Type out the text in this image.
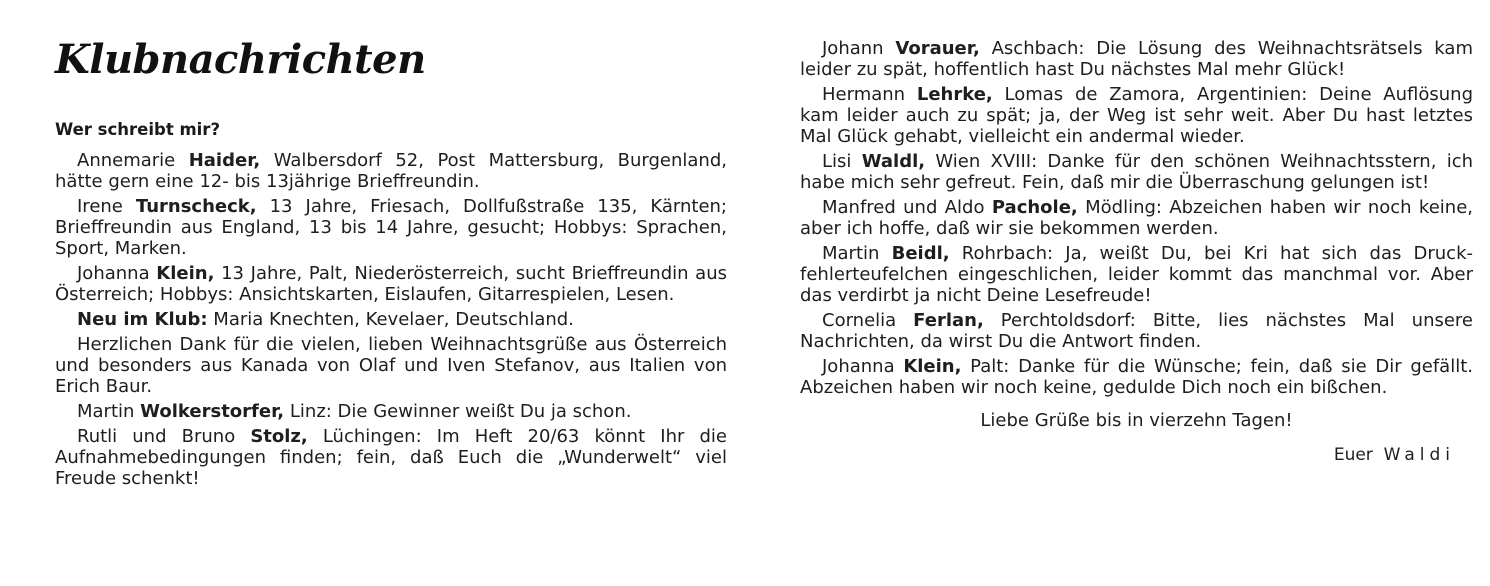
Klubnachrichten
Wer schreibt mir?

Annemarie Haider, Walbersdorf 52, Post Mattersburg, Burgenland, hätte gern eine 12- bis 13jährige Brieffreundin.

Irene Turnscheck, 13 Jahre, Friesach, Dollfußstraße 135, Kärnten; Brieffreundin aus England, 13 bis 14 Jahre, gesucht; Hobbys: Sprachen, Sport, Marken.

Johanna Klein, 13 Jahre, Palt, Niederösterreich, sucht Brieffreundin aus Österreich; Hobbys: Ansichtskarten, Eislaufen, Gitarrespielen, Lesen.

Neu im Klub: Maria Knechten, Kevelaer, Deutschland.

Herzlichen Dank für die vielen, lieben Weihnachtsgrüße aus Österreich und besonders aus Kanada von Olaf und Iven Stefanov, aus Italien von Erich Baur.

Martin Wolkerstorfer, Linz: Die Gewinner weißt Du ja schon.

Rutli und Bruno Stolz, Lüchingen: Im Heft 20/63 könnt Ihr die Aufnahmebedingungen finden; fein, daß Euch die „Wunderwelt“ viel Freude schenkt!

Johann Vorauer, Aschbach: Die Lösung des Weihnachtsrätsels kam leider zu spät, hoffentlich hast Du nächstes Mal mehr Glück!

Hermann Lehrke, Lomas de Zamora, Argentinien: Deine Auflösung kam leider auch zu spät; ja, der Weg ist sehr weit. Aber Du hast letztes Mal Glück gehabt, vielleicht ein andermal wieder.

Lisi Waldl, Wien XVIII: Danke für den schönen Weihnachtsstern, ich habe mich sehr gefreut. Fein, daß mir die Überraschung gelungen ist!

Manfred und Aldo Pachole, Mödling: Abzeichen haben wir noch keine, aber ich hoffe, daß wir sie bekommen werden.

Martin Beidl, Rohrbach: Ja, weißt Du, bei Kri hat sich das Druckfehlerteufelchen eingeschlichen, leider kommt das manchmal vor. Aber das verdirbt ja nicht Deine Lesefreude!

Cornelia Ferlan, Perchtoldsdorf: Bitte, lies nächstes Mal unsere Nachrichten, da wirst Du die Antwort finden.

Johanna Klein, Palt: Danke für die Wünsche; fein, daß sie Dir gefällt. Abzeichen haben wir noch keine, geduldе Dich noch ein bißchen.

Liebe Grüße bis in vierzehn Tagen!

Euer Waldi
